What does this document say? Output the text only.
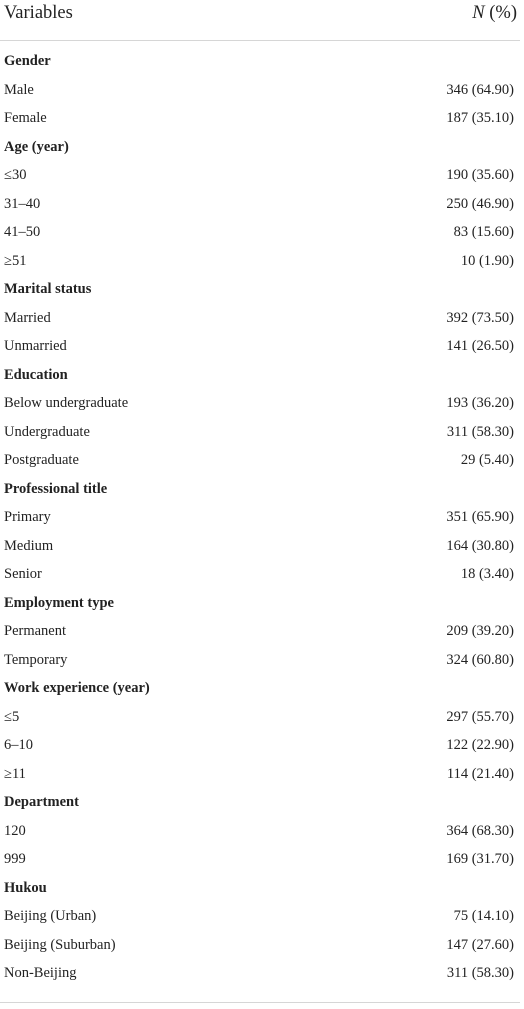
Variables	N (%)
Gender
Male	346 (64.90)
Female	187 (35.10)
Age (year)
≤30	190 (35.60)
31–40	250 (46.90)
41–50	83 (15.60)
≥51	10 (1.90)
Marital status
Married	392 (73.50)
Unmarried	141 (26.50)
Education
Below undergraduate	193 (36.20)
Undergraduate	311 (58.30)
Postgraduate	29 (5.40)
Professional title
Primary	351 (65.90)
Medium	164 (30.80)
Senior	18 (3.40)
Employment type
Permanent	209 (39.20)
Temporary	324 (60.80)
Work experience (year)
≤5	297 (55.70)
6–10	122 (22.90)
≥11	114 (21.40)
Department
120	364 (68.30)
999	169 (31.70)
Hukou
Beijing (Urban)	75 (14.10)
Beijing (Suburban)	147 (27.60)
Non-Beijing	311 (58.30)
